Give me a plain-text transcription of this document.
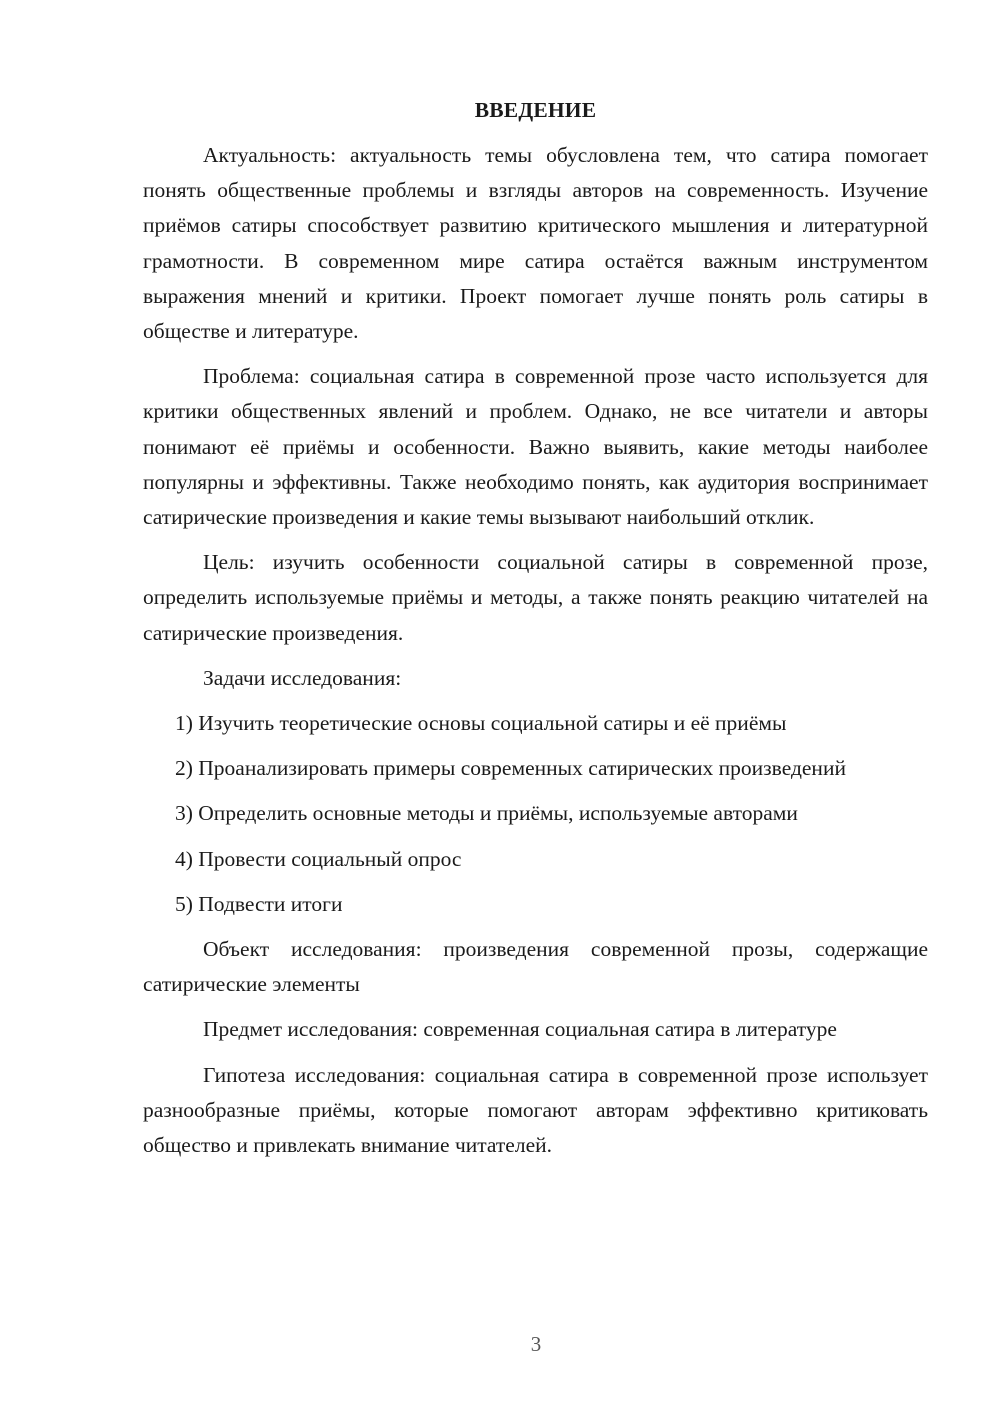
ВВЕДЕНИЕ

Актуальность: актуальность темы обусловлена тем, что сатира помогает понять общественные проблемы и взгляды авторов на современность. Изучение приёмов сатиры способствует развитию критического мышления и литературной грамотности. В современном мире сатира остаётся важным инструментом выражения мнений и критики. Проект помогает лучше понять роль сатиры в обществе и литературе.

Проблема: социальная сатира в современной прозе часто используется для критики общественных явлений и проблем. Однако, не все читатели и авторы понимают её приёмы и особенности. Важно выявить, какие методы наиболее популярны и эффективны. Также необходимо понять, как аудитория воспринимает сатирические произведения и какие темы вызывают наибольший отклик.

Цель: изучить особенности социальной сатиры в современной прозе, определить используемые приёмы и методы, а также понять реакцию читателей на сатирические произведения.

Задачи исследования:

1) Изучить теоретические основы социальной сатиры и её приёмы

2) Проанализировать примеры современных сатирических произведений

3) Определить основные методы и приёмы, используемые авторами

4) Провести социальный опрос

5) Подвести итоги

Объект исследования: произведения современной прозы, содержащие сатирические элементы

Предмет исследования: современная социальная сатира в литературе

Гипотеза исследования: социальная сатира в современной прозе использует разнообразные приёмы, которые помогают авторам эффективно критиковать общество и привлекать внимание читателей.

3
